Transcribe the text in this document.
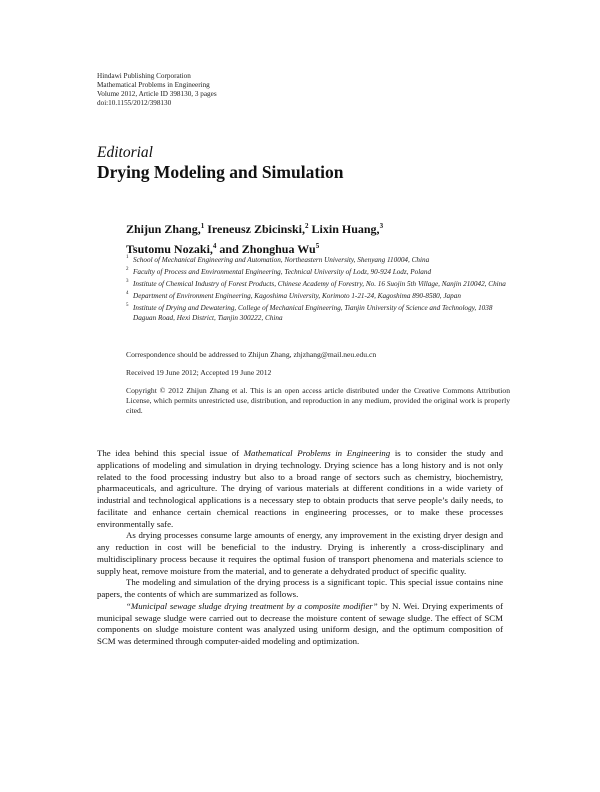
Hindawi Publishing Corporation
Mathematical Problems in Engineering
Volume 2012, Article ID 398130, 3 pages
doi:10.1155/2012/398130
Editorial
Drying Modeling and Simulation
Zhijun Zhang,$^1$ Ireneusz Zbicinski,$^2$ Lixin Huang,$^3$
Tsutomu Nozaki,$^4$ and Zhonghua Wu$^5$
1 School of Mechanical Engineering and Automation, Northeastern University, Shenyang 110004, China
2 Faculty of Process and Environmental Engineering, Technical University of Lodz, 90-924 Lodz, Poland
3 Institute of Chemical Industry of Forest Products, Chinese Academy of Forestry, No. 16 Suojin 5th Village, Nanjin 210042, China
4 Department of Environment Engineering, Kagoshima University, Korimoto 1-21-24, Kagoshima 890-8580, Japan
5 Institute of Drying and Dewatering, College of Mechanical Engineering, Tianjin University of Science and Technology, 1038 Daguan Road, Hexi District, Tianjin 300222, China
Correspondence should be addressed to Zhijun Zhang, zhjzhang@mail.neu.edu.cn
Received 19 June 2012; Accepted 19 June 2012
Copyright © 2012 Zhijun Zhang et al. This is an open access article distributed under the Creative Commons Attribution License, which permits unrestricted use, distribution, and reproduction in any medium, provided the original work is properly cited.

The idea behind this special issue of Mathematical Problems in Engineering is to consider the study and applications of modeling and simulation in drying technology. Drying science has a long history and is not only related to the food processing industry but also to a broad range of sectors such as chemistry, biochemistry, pharmaceuticals, and agriculture. The drying of various materials at different conditions in a wide variety of industrial and technological applications is a necessary step to obtain products that serve people’s daily needs, to facilitate and enhance certain chemical reactions in engineering processes, or to make these processes environmentally safe.

As drying processes consume large amounts of energy, any improvement in the existing dryer design and any reduction in cost will be beneficial to the industry. Drying is inherently a cross-disciplinary and multidisciplinary process because it requires the optimal fusion of transport phenomena and materials science to supply heat, remove moisture from the material, and to generate a dehydrated product of specific quality.

The modeling and simulation of the drying process is a significant topic. This special issue contains nine papers, the contents of which are summarized as follows.

“Municipal sewage sludge drying treatment by a composite modifier” by N. Wei. Drying experiments of municipal sewage sludge were carried out to decrease the moisture content of sewage sludge. The effect of SCM components on sludge moisture content was analyzed using uniform design, and the optimum composition of SCM was determined through computer-aided modeling and optimization.
